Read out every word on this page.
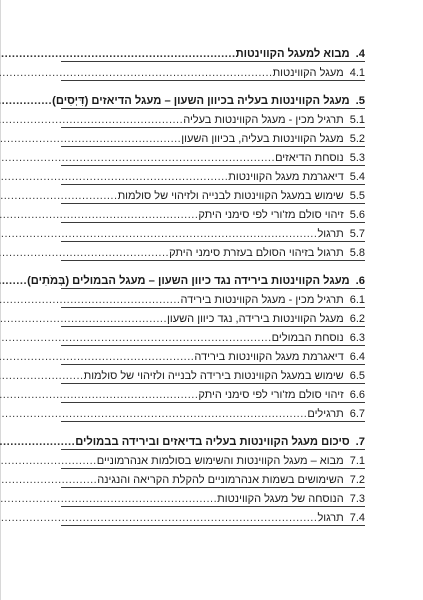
4.
מבוא למעגל הקווינטות
.....
4.1
מעגל הקווינטות
.....
5.
מעגל הקווינטות בעליה בכיוון השעון – מעגל הדיאזים (דִּיְסִים)
.....
5.1
תרגיל מכין - מעגל הקווינטות בעליה
.....
5.2
מעגל הקווינטות בעליה, בכיוון השעון
.....
5.3
נוסחת הדיאזים
.....
5.4
דיאגרמת מעגל הקווינטות
.....
5.5
שימוש במעגל הקווינטות לבנייה ולזיהוי של סולמות
.....
5.6
זיהוי סולם מז'ורי לפי סימני היתק
.....
5.7
תרגול
.....
5.8
תרגול בזיהוי הסולם בעזרת סימני היתק
.....
6.
מעגל הקווינטות בירידה נגד כיוון השעון – מעגל הבמולים (בְּמֹתִים)
.....
6.1
תרגיל מכין - מעגל הקווינטות בירידה
.....
6.2
מעגל הקווינטות בירידה, נגד כיוון השעון
.....
6.3
נוסחת הבמולים
.....
6.4
דיאגרמת מעגל הקווינטות בירידה
.....
6.5
שימוש במעגל הקווינטות בירידה לבנייה ולזיהוי של סולמות
.....
6.6
זיהוי סולם מז'ורי לפי סימני היתק
.....
6.7
תרגילים
.....
7.
סיכום מעגל הקווינטות בעליה בדיאזים ובירידה בבמולים
.....
7.1
מבוא – מעגל הקווינטות והשימוש בסולמות אנהרמוניים
.....
7.2
השימושים בשמות אנהרמוניים להקלת הקריאה והנגינה
.....
7.3
הנוסחה של מעגל הקווינטות
.....
7.4
תרגול
.....
